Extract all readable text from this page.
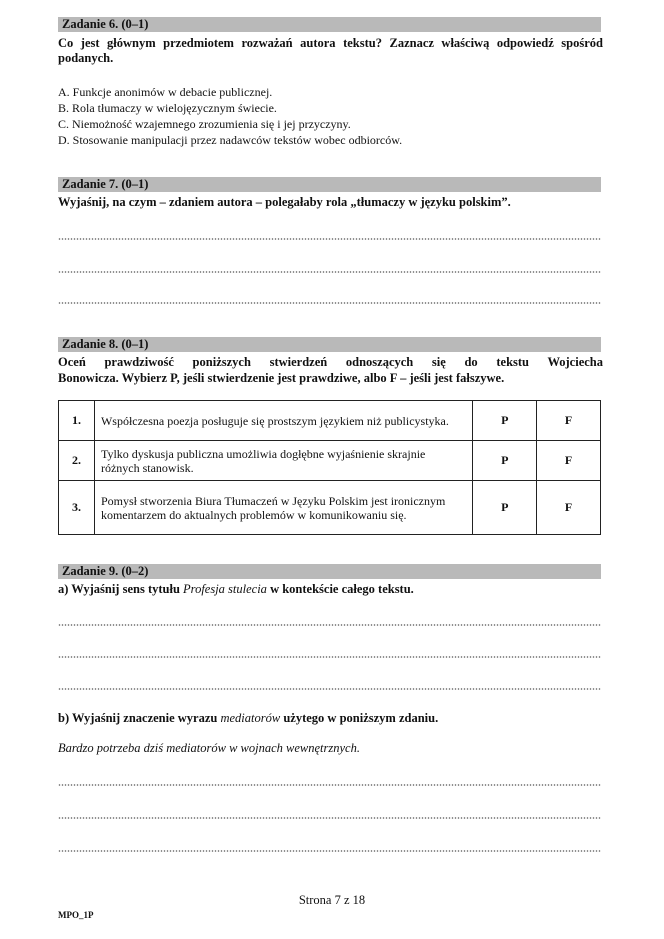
Zadanie 6. (0–1)
Co jest głównym przedmiotem rozważań autora tekstu? Zaznacz właściwą odpowiedź spośród podanych.
A. Funkcje anonimów w debacie publicznej.
B. Rola tłumaczy w wielojęzycznym świecie.
C. Niemożność wzajemnego zrozumienia się i jej przyczyny.
D. Stosowanie manipulacji przez nadawców tekstów wobec odbiorców.
Zadanie 7. (0–1)
Wyjaśnij, na czym – zdaniem autora – polegałaby rola „tłumaczy w języku polskim”.
Zadanie 8. (0–1)
Oceń prawdziwość poniższych stwierdzeń odnoszących się do tekstu Wojciecha
Bonowicza. Wybierz P, jeśli stwierdzenie jest prawdziwe, albo F – jeśli jest fałszywe.
1.	Współczesna poezja posługuje się prostszym językiem niż publicystyka.	P	F
2.	Tylko dyskusja publiczna umożliwia dogłębne wyjaśnienie skrajnie różnych stanowisk.	P	F
3.	Pomysł stworzenia Biura Tłumaczeń w Języku Polskim jest ironicznym komentarzem do aktualnych problemów w komunikowaniu się.	P	F
Zadanie 9. (0–2)
a) Wyjaśnij sens tytułu Profesja stulecia w kontekście całego tekstu.
b) Wyjaśnij znaczenie wyrazu mediatorów użytego w poniższym zdaniu.
Bardzo potrzeba dziś mediatorów w wojnach wewnętrznych.
Strona 7 z 18
MPO_1P
